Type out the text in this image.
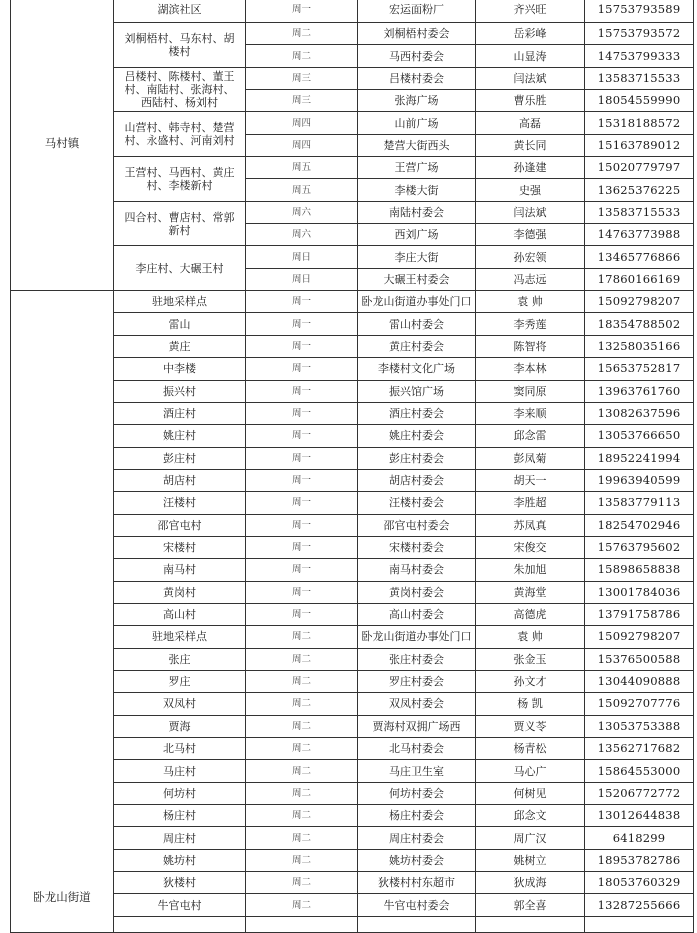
马村镇	湖滨社区	周一	宏运面粉厂	齐兴旺	15753793589
	刘桐梧村、马东村、胡楼村	周二	刘桐梧村委会	岳彩峰	15753793572
		周二	马西村委会	山显涛	14753799333
	吕楼村、陈楼村、董王村、南陆村、张海村、西陆村、杨刘村	周三	吕楼村委会	闫法斌	13583715533
		周三	张海广场	曹乐胜	18054559990
	山营村、韩寺村、楚营村、永盛村、河南刘村	周四	山前广场	高磊	15318188572
		周四	楚营大街西头	黄长同	15163789012
	王营村、马西村、黄庄村、李楼新村	周五	王营广场	孙逢建	15020779797
		周五	李楼大街	史强	13625376225
	四合村、曹店村、常郭新村	周六	南陆村委会	闫法斌	13583715533
		周六	西刘广场	李德强	14763773988
	李庄村、大碾王村	周日	李庄大街	孙宏领	13465776866
		周日	大碾王村委会	冯志远	17860166169
卧龙山街道	驻地采样点	周一	卧龙山街道办事处门口	袁 帅	15092798207
	雷山	周一	雷山村委会	李秀莲	18354788502
	黄庄	周一	黄庄村委会	陈智将	13258035166
	中李楼	周一	李楼村文化广场	李本林	15653752817
	振兴村	周一	振兴馆广场	窦同原	13963761760
	酒庄村	周一	酒庄村委会	李来顺	13082637596
	姚庄村	周一	姚庄村委会	邱念雷	13053766650
	彭庄村	周一	彭庄村委会	彭凤菊	18952241994
	胡店村	周一	胡店村委会	胡天一	19963940599
	汪楼村	周一	汪楼村委会	李胜超	13583779113
	邵官屯村	周一	邵官屯村委会	苏凤真	18254702946
	宋楼村	周一	宋楼村委会	宋俊交	15763795602
	南马村	周一	南马村委会	朱加旭	15898658838
	黄岗村	周一	黄岗村委会	黄海堂	13001784036
	高山村	周一	高山村委会	高德虎	13791758786
	驻地采样点	周二	卧龙山街道办事处门口	袁 帅	15092798207
	张庄	周二	张庄村委会	张金玉	15376500588
	罗庄	周二	罗庄村委会	孙文才	13044090888
	双凤村	周二	双凤村委会	杨 凯	15092707776
	贾海	周二	贾海村双拥广场西	贾义苓	13053753388
	北马村	周二	北马村委会	杨青松	13562717682
	马庄村	周二	马庄卫生室	马心广	15864553000
	何坊村	周二	何坊村委会	何树见	15206772772
	杨庄村	周二	杨庄村委会	邱念文	13012644838
	周庄村	周二	周庄村委会	周广汉	6418299
	姚坊村	周二	姚坊村委会	姚树立	18953782786
	狄楼村	周二	狄楼村村东超市	狄成海	18053760329
	牛官屯村	周二	牛官屯村委会	郭全喜	13287255666
